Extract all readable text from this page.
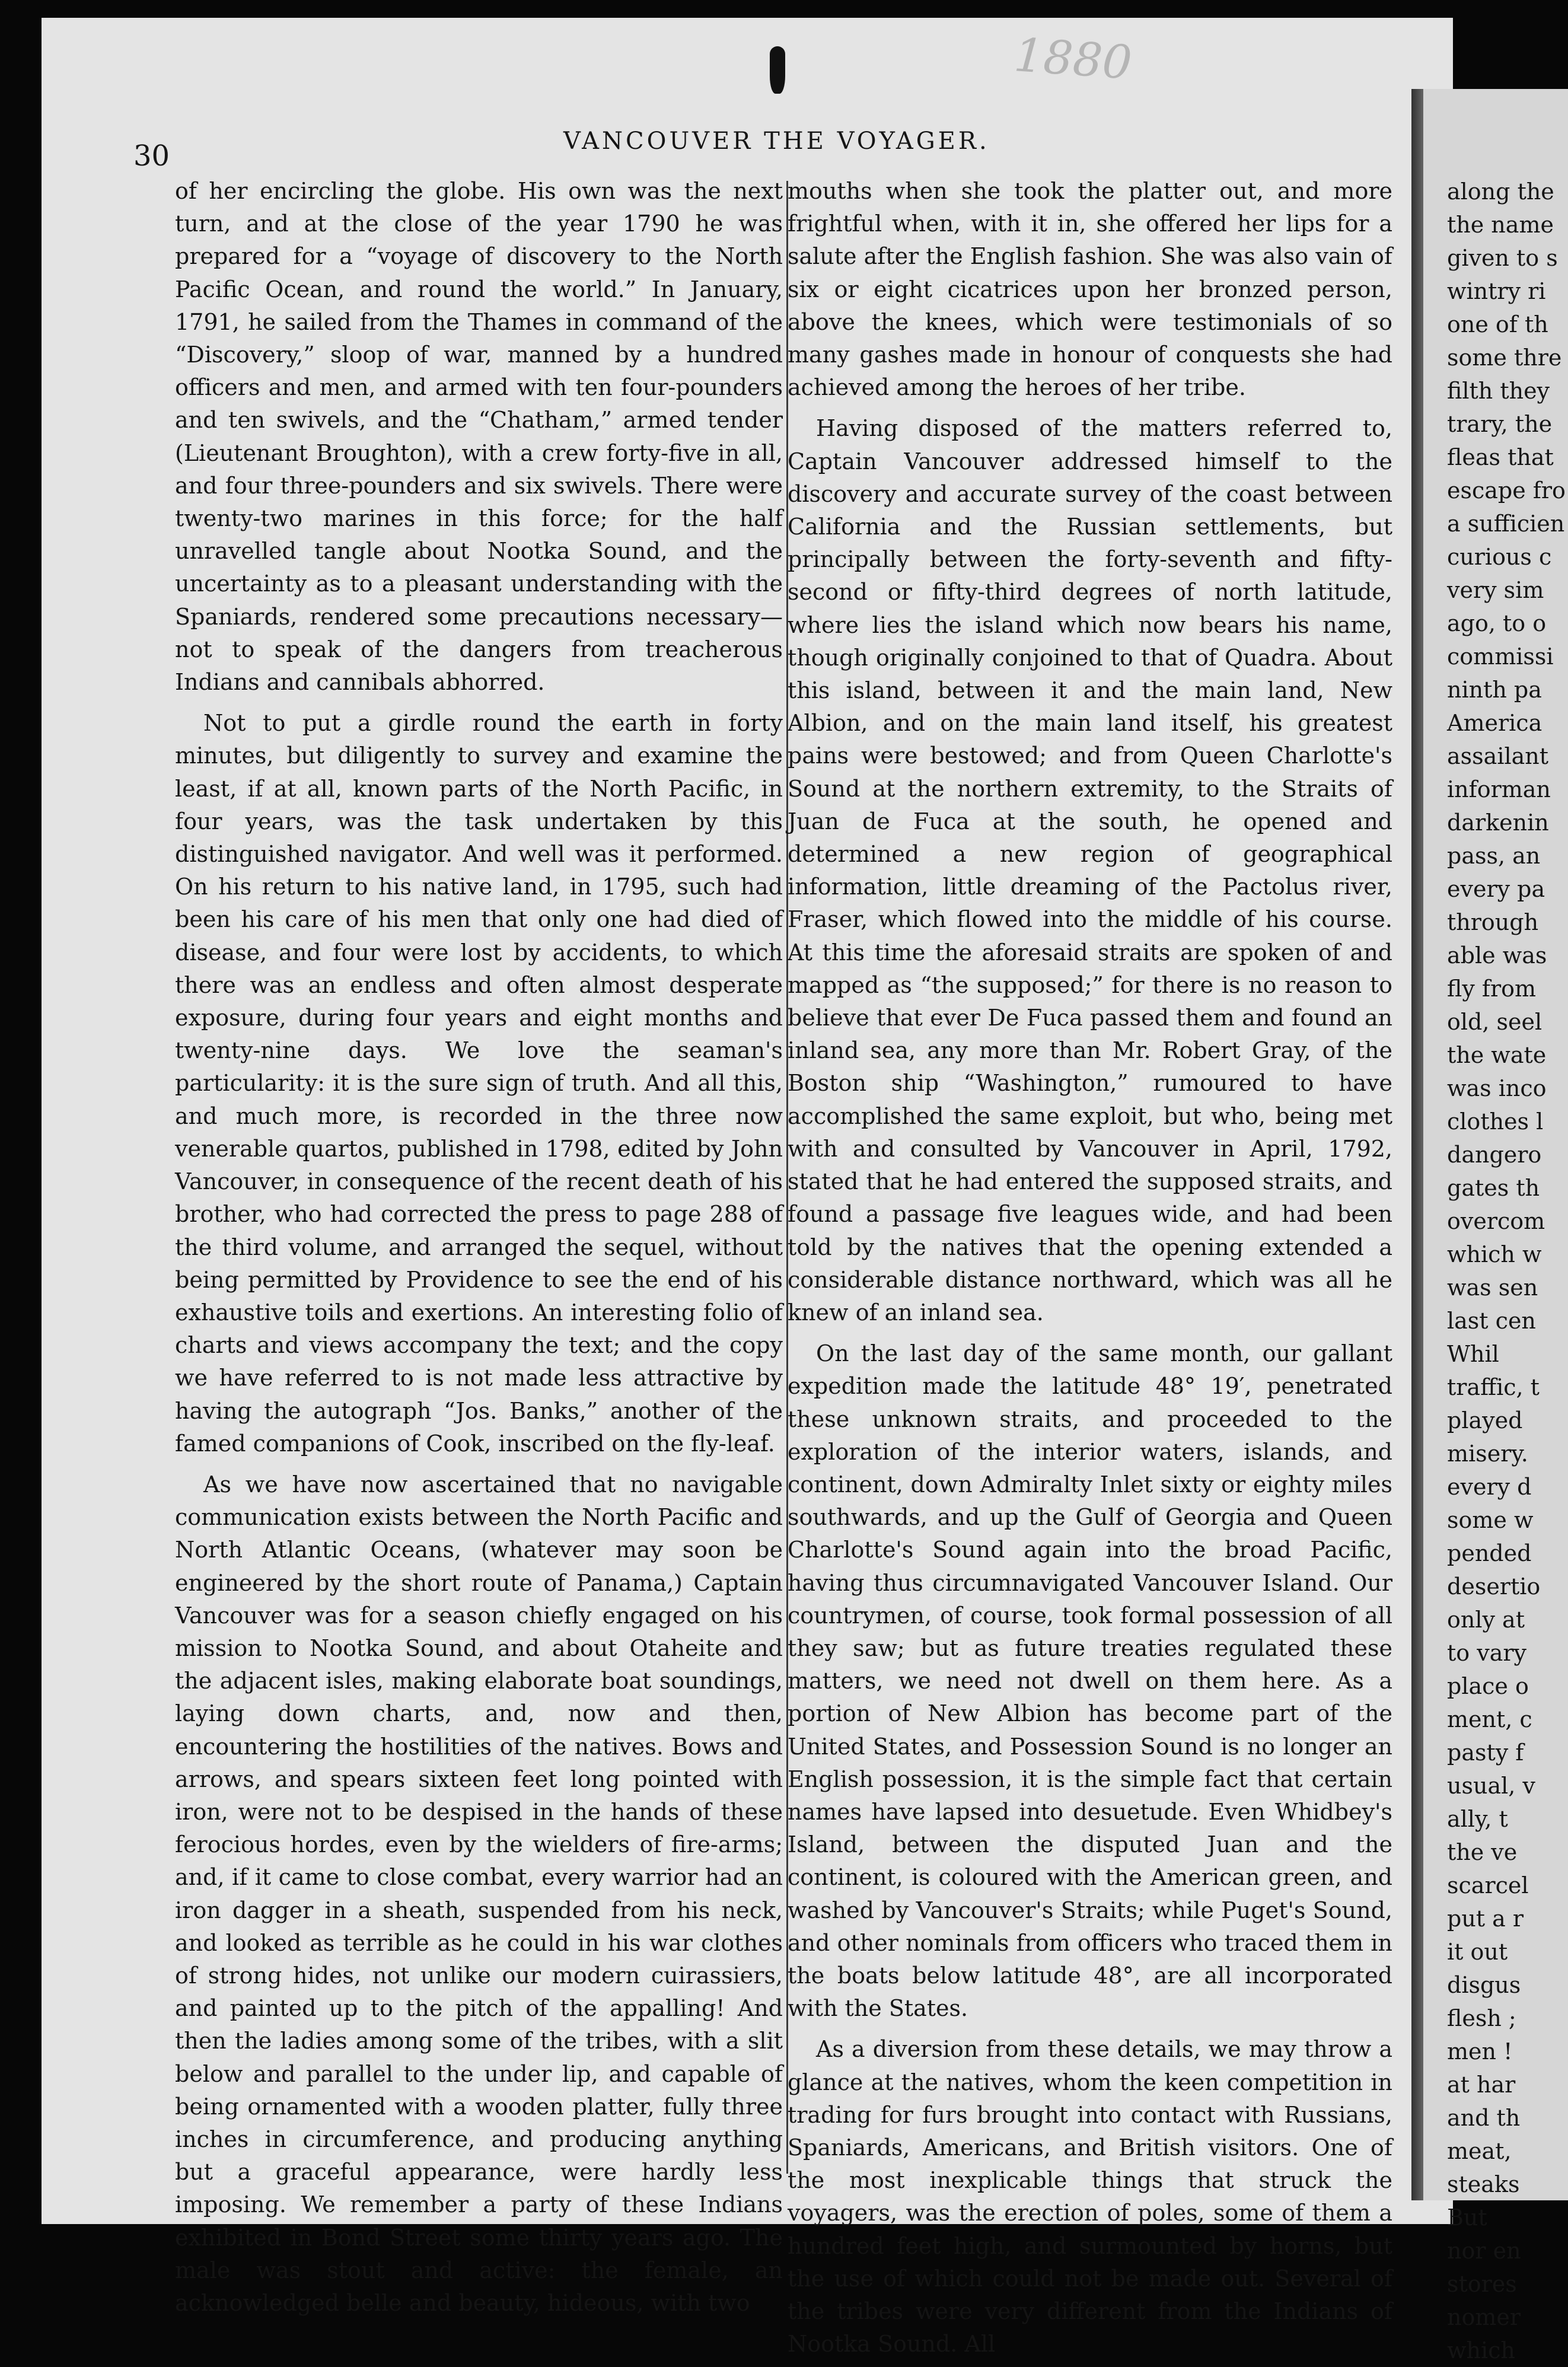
1880
30	VANCOUVER THE VOYAGER.

of her encircling the globe. His own was the next turn, and at the close of the year 1790 he was prepared for a “voyage of discovery to the North Pacific Ocean, and round the world.” In January, 1791, he sailed from the Thames in command of the “Discovery,” sloop of war, manned by a hundred officers and men, and armed with ten four-pounders and ten swivels, and the “Chatham,” armed tender (Lieutenant Broughton), with a crew forty-five in all, and four three-pounders and six swivels. There were twenty-two marines in this force; for the half unravelled tangle about Nootka Sound, and the uncertainty as to a pleasant understanding with the Spaniards, rendered some precautions necessary—not to speak of the dangers from treacherous Indians and cannibals abhorred.

Not to put a girdle round the earth in forty minutes, but diligently to survey and examine the least, if at all, known parts of the North Pacific, in four years, was the task undertaken by this distinguished navigator. And well was it performed. On his return to his native land, in 1795, such had been his care of his men that only one had died of disease, and four were lost by accidents, to which there was an endless and often almost desperate exposure, during four years and eight months and twenty-nine days. We love the seaman's particularity: it is the sure sign of truth. And all this, and much more, is recorded in the three now venerable quartos, published in 1798, edited by John Vancouver, in consequence of the recent death of his brother, who had corrected the press to page 288 of the third volume, and arranged the sequel, without being permitted by Providence to see the end of his exhaustive toils and exertions. An interesting folio of charts and views accompany the text; and the copy we have referred to is not made less attractive by having the autograph “Jos. Banks,” another of the famed companions of Cook, inscribed on the fly-leaf.

As we have now ascertained that no navigable communication exists between the North Pacific and North Atlantic Oceans, (whatever may soon be engineered by the short route of Panama,) Captain Vancouver was for a season chiefly engaged on his mission to Nootka Sound, and about Otaheite and the adjacent isles, making elaborate boat soundings, laying down charts, and, now and then, encountering the hostilities of the natives. Bows and arrows, and spears sixteen feet long pointed with iron, were not to be despised in the hands of these ferocious hordes, even by the wielders of fire-arms; and, if it came to close combat, every warrior had an iron dagger in a sheath, suspended from his neck, and looked as terrible as he could in his war clothes of strong hides, not unlike our modern cuirassiers, and painted up to the pitch of the appalling! And then the ladies among some of the tribes, with a slit below and parallel to the under lip, and capable of being ornamented with a wooden platter, fully three inches in circumference, and producing anything but a graceful appearance, were hardly less imposing. We remember a party of these Indians exhibited in Bond Street some thirty years ago. The male was stout and active: the female, an acknowledged belle and beauty, hideous, with two

mouths when she took the platter out, and more frightful when, with it in, she offered her lips for a salute after the English fashion. She was also vain of six or eight cicatrices upon her bronzed person, above the knees, which were testimonials of so many gashes made in honour of conquests she had achieved among the heroes of her tribe.

Having disposed of the matters referred to, Captain Vancouver addressed himself to the discovery and accurate survey of the coast between California and the Russian settlements, but principally between the forty-seventh and fifty-second or fifty-third degrees of north latitude, where lies the island which now bears his name, though originally conjoined to that of Quadra. About this island, between it and the main land, New Albion, and on the main land itself, his greatest pains were bestowed; and from Queen Charlotte's Sound at the northern extremity, to the Straits of Juan de Fuca at the south, he opened and determined a new region of geographical information, little dreaming of the Pactolus river, Fraser, which flowed into the middle of his course. At this time the aforesaid straits are spoken of and mapped as “the supposed;” for there is no reason to believe that ever De Fuca passed them and found an inland sea, any more than Mr. Robert Gray, of the Boston ship “Washington,” rumoured to have accomplished the same exploit, but who, being met with and consulted by Vancouver in April, 1792, stated that he had entered the supposed straits, and found a passage five leagues wide, and had been told by the natives that the opening extended a considerable distance northward, which was all he knew of an inland sea.

On the last day of the same month, our gallant expedition made the latitude 48° 19′, penetrated these unknown straits, and proceeded to the exploration of the interior waters, islands, and continent, down Admiralty Inlet sixty or eighty miles southwards, and up the Gulf of Georgia and Queen Charlotte's Sound again into the broad Pacific, having thus circumnavigated Vancouver Island. Our countrymen, of course, took formal possession of all they saw; but as future treaties regulated these matters, we need not dwell on them here. As a portion of New Albion has become part of the United States, and Possession Sound is no longer an English possession, it is the simple fact that certain names have lapsed into desuetude. Even Whidbey's Island, between the disputed Juan and the continent, is coloured with the American green, and washed by Vancouver's Straits; while Puget's Sound, and other nominals from officers who traced them in the boats below latitude 48°, are all incorporated with the States.

As a diversion from these details, we may throw a glance at the natives, whom the keen competition in trading for furs brought into contact with Russians, Spaniards, Americans, and British visitors. One of the most inexplicable things that struck the voyagers, was the erection of poles, some of them a hundred feet high, and surmounted by horns, but the use of which could not be made out. Several of the tribes were very different from the Indians of Nootka Sound. All

along the
the name
given to s
wintry ri
one of th
some thre
filth they
trary, the
fleas that
escape fro
a sufficien
curious c
very sim
ago, to o
commissi
ninth pa
America
assailant
informan
darkenin
pass, an
every pa
through
able was
fly from
old, seel
the wate
was inco
clothes l
dangero
gates th
overcom
which w
was sen
last cen
Whil
traffic, t
played
misery.
every d
some w
pended
desertio
only at
to vary
place o
ment, c
pasty f
usual, v
ally, t
the ve
scarcel
put a r
it out
disgus
flesh ;
men !
at har
and th
meat,
steaks
But
nor en
stores
nomer
which
